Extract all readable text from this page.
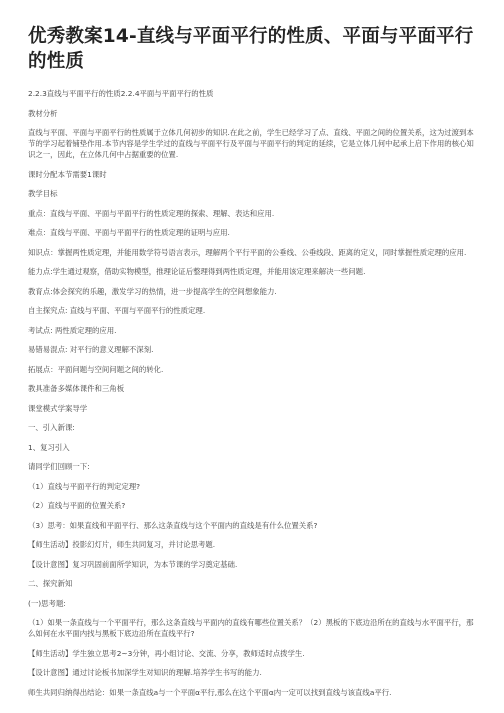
优秀教案14-直线与平面平行的性质、平面与平面平行的性质

2.2.3直线与平面平行的性质2.2.4平面与平面平行的性质

教材分析

直线与平面、平面与平面平行的性质属于立体几何初步的知识.在此之前，学生已经学习了点、直线、平面之间的位置关系，这为过渡到本节的学习起着铺垫作用.本节内容是学生学过的直线与平面平行及平面与平面平行的判定的延续，它是立体几何中起承上启下作用的核心知识之一，因此，在立体几何中占据重要的位置.

课时分配本节需要1课时

教学目标

重点：直线与平面、平面与平面平行的性质定理的探索、理解、表达和应用.

难点：直线与平面、平面与平面平行的性质定理的证明与应用.

知识点：掌握两性质定理，并能用数学符号语言表示，理解两个平行平面的公垂线、公垂线段、距离的定义，同时掌握性质定理的应用.

能力点:学生通过观察，借助实物模型，推理论证后整理得到两性质定理，并能用该定理来解决一些问题.

教育点:体会探究的乐趣，激发学习的热情，进一步提高学生的空间想象能力.

自主探究点: 直线与平面、平面与平面平行的性质定理.

考试点: 两性质定理的应用.

易错易混点: 对平行的意义理解不深刻.

拓展点：平面问题与空间问题之间的转化.

教具准备多媒体课件和三角板

课堂模式学案导学

一、引入新课:

1、复习引入

请同学们回顾一下:

（1）直线与平面平行的判定定理?

（2）直线与平面的位置关系?

（3）思考：如果直线和平面平行、那么这条直线与这个平面内的直线是有什么位置关系?

【师生活动】投影幻灯片，师生共同复习，并讨论思考题.

【设计意图】复习巩固前面所学知识，为本节课的学习奠定基础.

二、探究新知

(一)思考题:

（1）如果一条直线与一个平面平行，那么这条直线与平面内的直线有哪些位置关系？（2）黑板的下底边沿所在的直线与水平面平行，那么如何在水平面内找与黑板下底边沿所在直线平行?

【师生活动】学生独立思考2~3分钟，再小组讨论、交流、分享，教师适时点拨学生.

【设计意图】通过讨论板书加深学生对知识的理解.培养学生书写的能力.

师生共同归纳得出结论：如果一条直线a与一个平面α平行,那么在这个平面α内一定可以找到直线与该直线a平行.
